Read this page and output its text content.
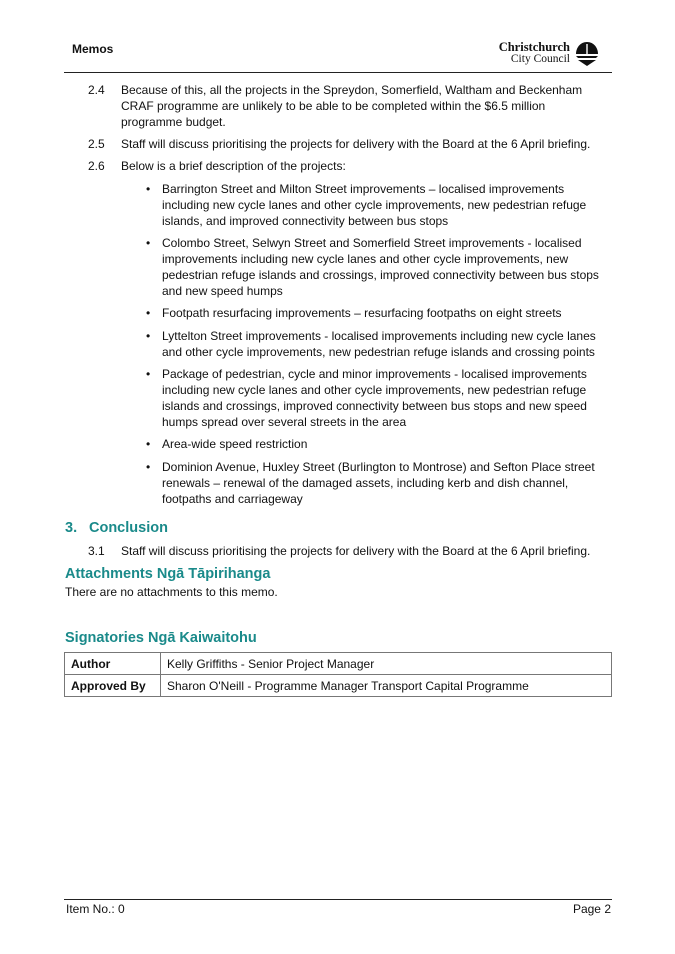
Memos	Christchurch
City Council
2.4 Because of this, all the projects in the Spreydon, Somerfield, Waltham and Beckenham CRAF programme are unlikely to be able to be completed within the $6.5 million programme budget.
2.5 Staff will discuss prioritising the projects for delivery with the Board at the 6 April briefing.
2.6 Below is a brief description of the projects:
• Barrington Street and Milton Street improvements – localised improvements including new cycle lanes and other cycle improvements, new pedestrian refuge islands, and improved connectivity between bus stops
• Colombo Street, Selwyn Street and Somerfield Street improvements - localised improvements including new cycle lanes and other cycle improvements, new pedestrian refuge islands and crossings, improved connectivity between bus stops and new speed humps
• Footpath resurfacing improvements – resurfacing footpaths on eight streets
• Lyttelton Street improvements - localised improvements including new cycle lanes and other cycle improvements, new pedestrian refuge islands and crossing points
• Package of pedestrian, cycle and minor improvements - localised improvements including new cycle lanes and other cycle improvements, new pedestrian refuge islands and crossings, improved connectivity between bus stops and new speed humps spread over several streets in the area
• Area-wide speed restriction
• Dominion Avenue, Huxley Street (Burlington to Montrose) and Sefton Place street renewals – renewal of the damaged assets, including kerb and dish channel, footpaths and carriageway
3. Conclusion
3.1 Staff will discuss prioritising the projects for delivery with the Board at the 6 April briefing.
Attachments Ngā Tāpirihanga
There are no attachments to this memo.
Signatories Ngā Kaiwaitohu
Author	Kelly Griffiths - Senior Project Manager
Approved By	Sharon O'Neill - Programme Manager Transport Capital Programme
Item No.: 0	Page 2
